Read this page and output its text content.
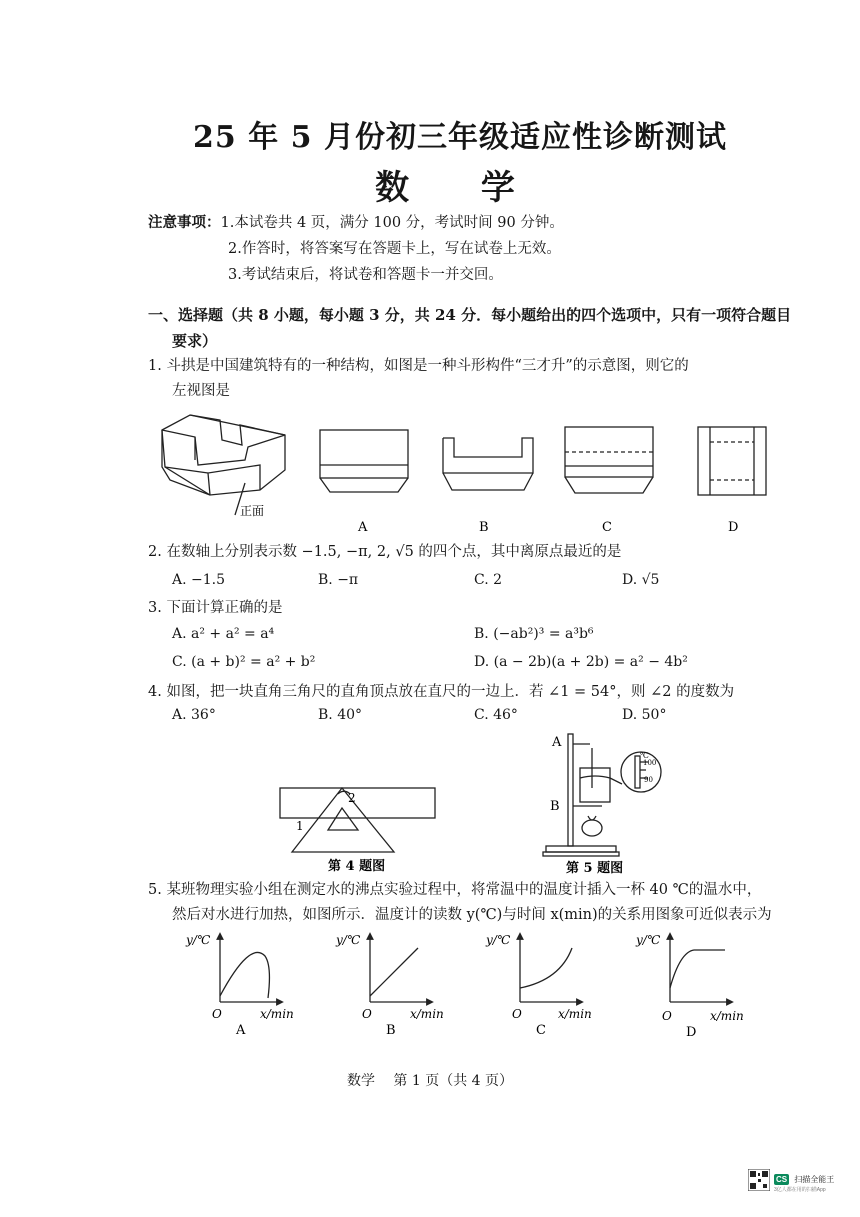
25 年 5 月份初三年级适应性诊断测试
数 学
注意事项：1.本试卷共 4 页，满分 100 分，考试时间 90 分钟。
2.作答时，将答案写在答题卡上，写在试卷上无效。
3.考试结束后，将试卷和答题卡一并交回。
一、选择题（共 8 小题，每小题 3 分，共 24 分．每小题给出的四个选项中，只有一项符合题目
要求）
1. 斗拱是中国建筑特有的一种结构，如图是一种斗形构件“三才升”的示意图，则它的
左视图是
正面
A	B	C	D
2. 在数轴上分别表示数 −1.5, −π, 2, √5 的四个点，其中离原点最近的是
A. −1.5	B. −π	C. 2	D. √5
3. 下面计算正确的是
A. a² + a² = a⁴	B. (−ab²)³ = a³b⁶
C. (a + b)² = a² + b²	D. (a − 2b)(a + 2b) = a² − 4b²
4. 如图，把一块直角三角尺的直角顶点放在直尺的一边上．若 ∠1 = 54°，则 ∠2 的度数为
A. 36°	B. 40°	C. 46°	D. 50°
2
1
第 4 题图
A
B
℃
100
90
第 5 题图
5. 某班物理实验小组在测定水的沸点实验过程中，将常温中的温度计插入一杯 40 ℃的温水中，
然后对水进行加热，如图所示．温度计的读数 y(℃)与时间 x(min)的关系用图象可近似表示为
y/℃
x/min
O
y/℃
x/min
O
y/℃
x/min
O
y/℃
x/min
O
A	B	C	D
数学　 第 1 页（共 4 页）
CS 扫描全能王
3亿人都在用的扫描App
